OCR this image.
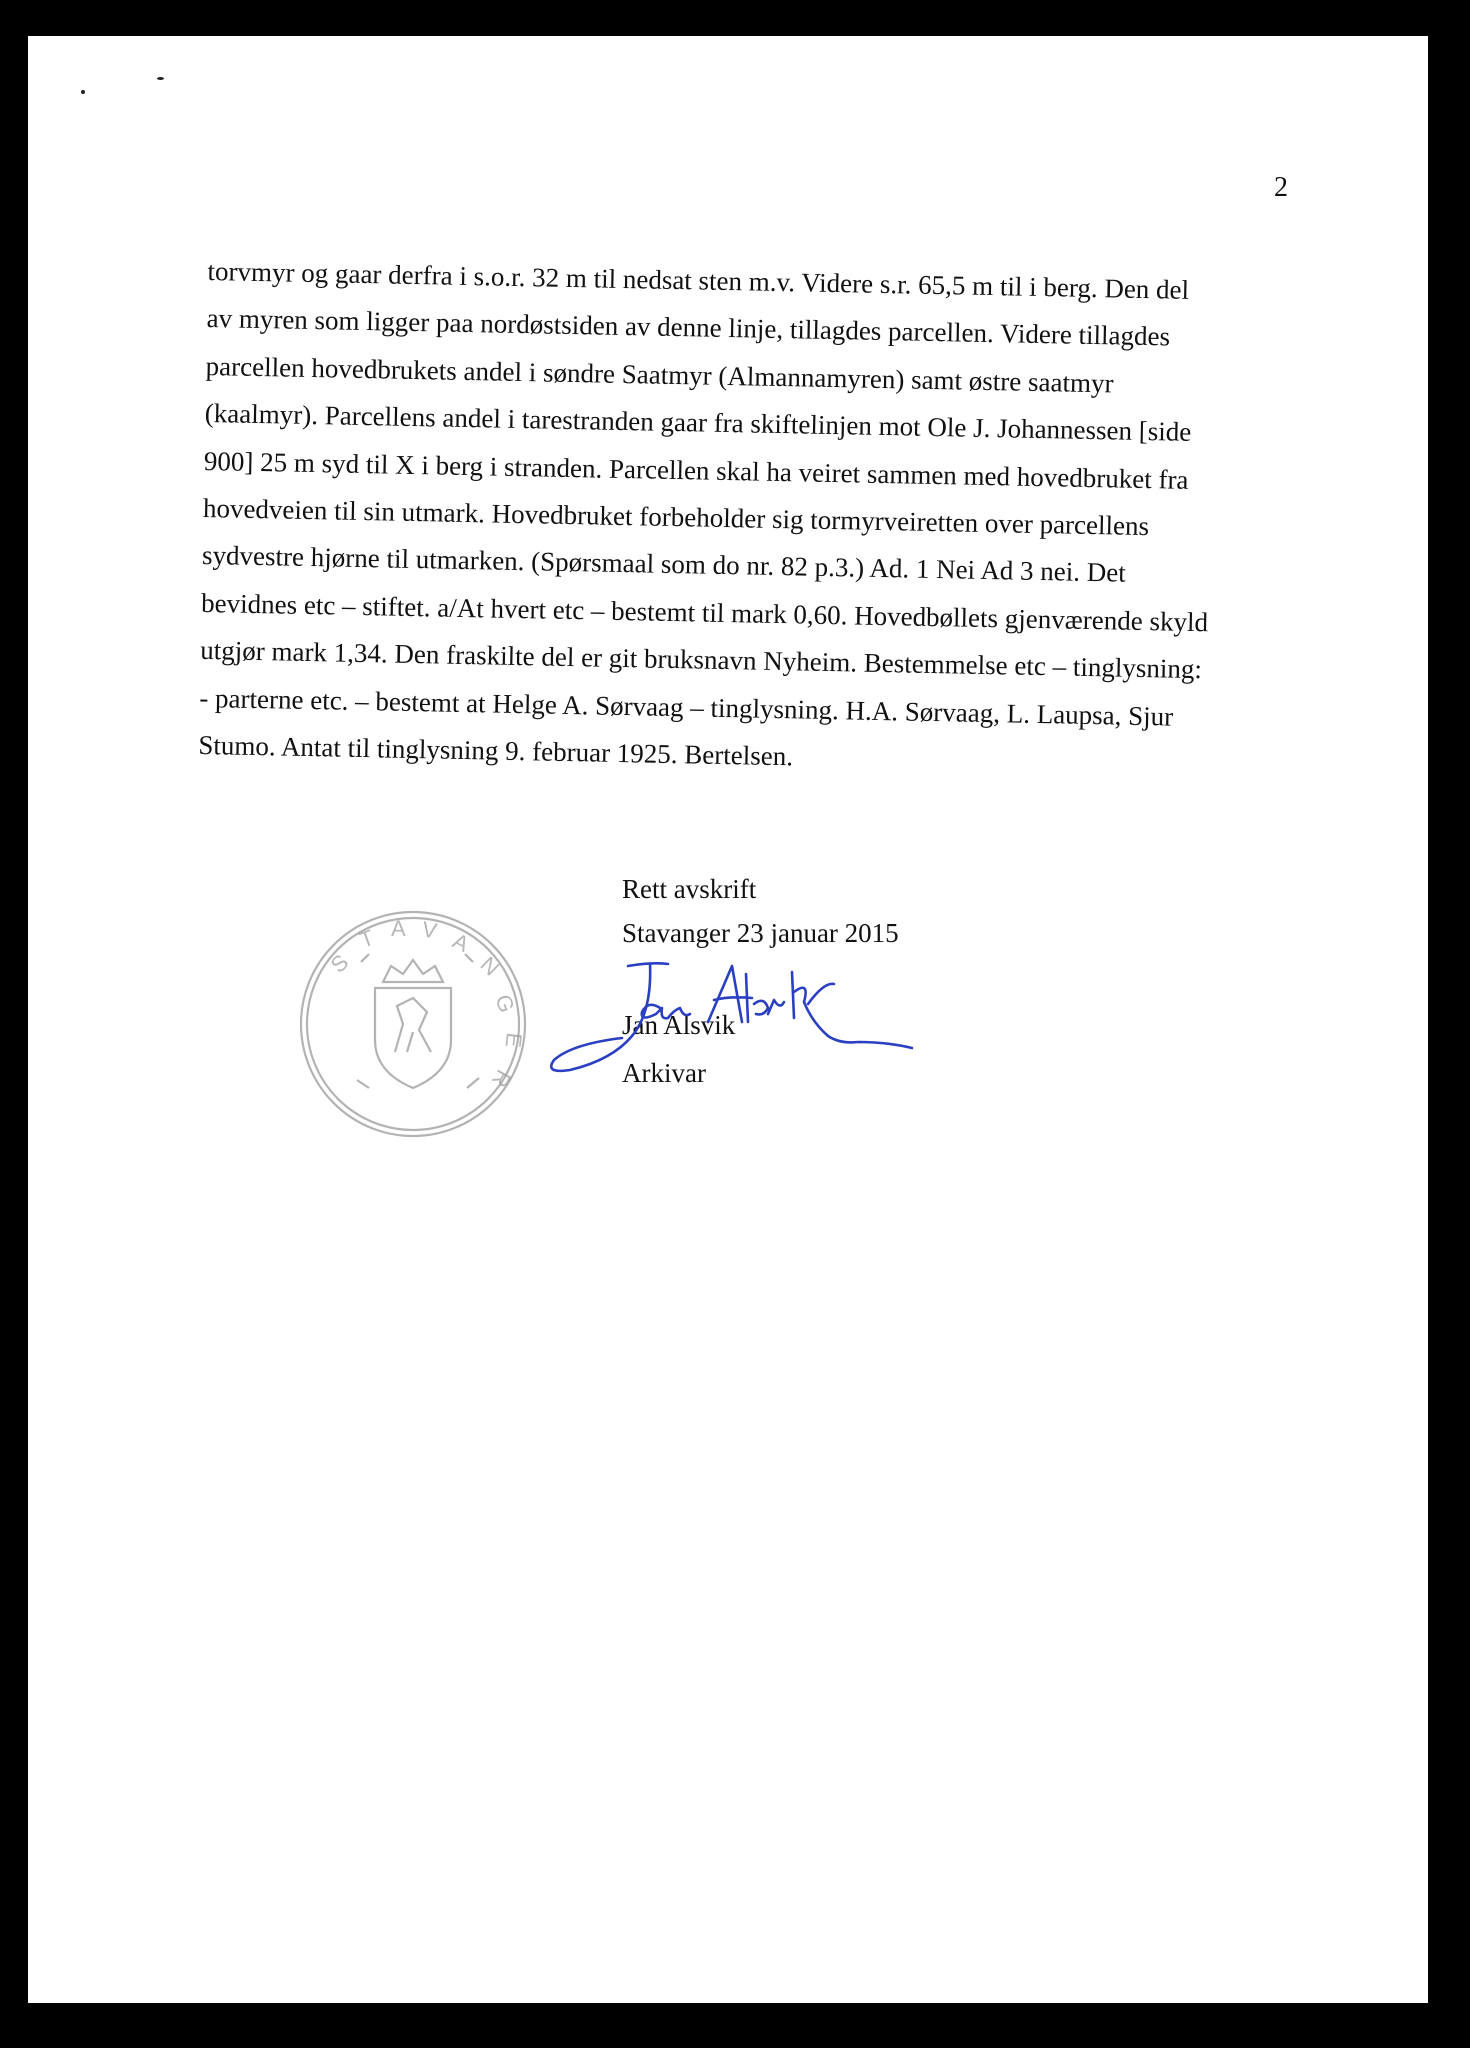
2
torvmyr og gaar derfra i s.o.r. 32 m til nedsat sten m.v. Videre s.r. 65,5 m til i berg. Den del
av myren som ligger paa nordøstsiden av denne linje, tillagdes parcellen. Videre tillagdes
parcellen hovedbrukets andel i søndre Saatmyr (Almannamyren) samt østre saatmyr
(kaalmyr). Parcellens andel i tarestranden gaar fra skiftelinjen mot Ole J. Johannessen [side
900] 25 m syd til X i berg i stranden. Parcellen skal ha veiret sammen med hovedbruket fra
hovedveien til sin utmark. Hovedbruket forbeholder sig tormyrveiretten over parcellens
sydvestre hjørne til utmarken. (Spørsmaal som do nr. 82 p.3.) Ad. 1 Nei Ad 3 nei. Det
bevidnes etc – stiftet. a/At hvert etc – bestemt til mark 0,60. Hovedbøllets gjenværende skyld
utgjør mark 1,34. Den fraskilte del er git bruksnavn Nyheim. Bestemmelse etc – tinglysning:
- parterne etc. – bestemt at Helge A. Sørvaag – tinglysning. H.A. Sørvaag, L. Laupsa, Sjur
Stumo. Antat til tinglysning 9. februar 1925. Bertelsen.
S
T A V A
N
G
E
R
Rett avskrift
Stavanger 23 januar 2015
Jan Alsvik
Arkivar
